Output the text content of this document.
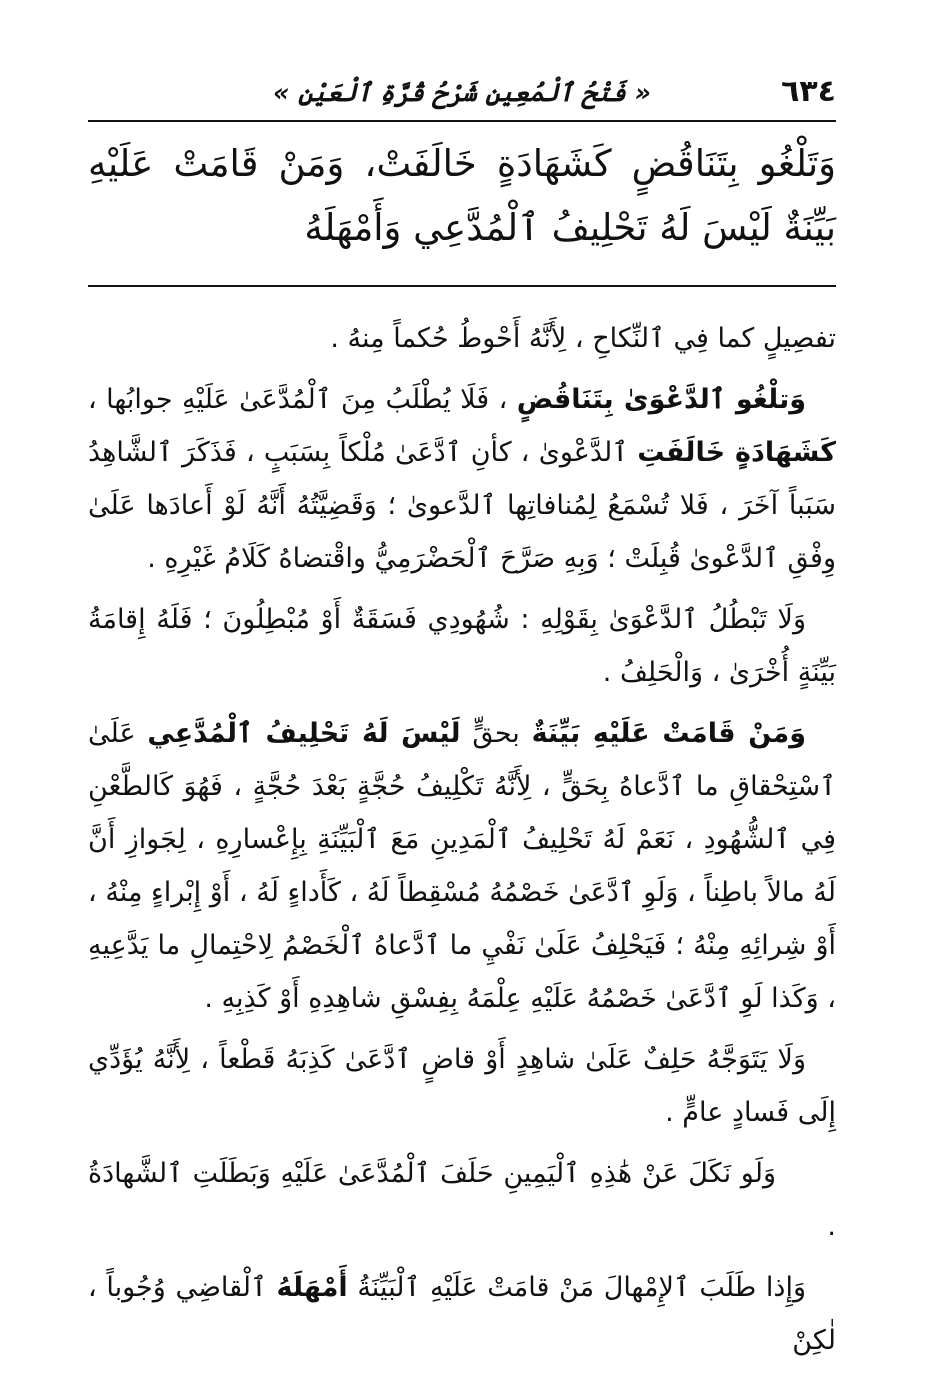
٦٣٤
« فَتْحُ ٱلْمُعِينِ شَرْحُ قُرَّةِ ٱلْعَيْنِ »
وَتَلْغُو بِتَنَاقُضٍ كَشَهَادَةٍ خَالَفَتْ، وَمَنْ قَامَتْ عَلَيْهِ بَيِّنَةٌ لَيْسَ لَهُ تَحْلِيفُ ٱلْمُدَّعِي وَأَمْهَلَهُ

تفصِيلٍ كما فِي ٱلنِّكاحِ ، لِأَنَّهُ أَحْوطُ حُكماً مِنهُ .

وَتلْغُو ٱلدَّعْوَىٰ بِتَنَاقُضٍ ، فَلَا يُطْلَبُ مِنَ ٱلْمُدَّعَىٰ عَلَيْهِ جوابُها ، كَشَهَادَةٍ خَالَفَتِ ٱلدَّعْوىٰ ، كأنِ ٱدَّعَىٰ مُلْكاً بِسَبَبٍ ، فَذَكَرَ ٱلشَّاهِدُ سَبَباً آخَرَ ، فَلا تُسْمَعُ لِمُنافاتِها ٱلدَّعوىٰ ؛ وَقَضِيَّتُهُ أَنَّهُ لَوْ أَعادَها عَلَىٰ وِفْقِ ٱلدَّعْوىٰ قُبِلَتْ ؛ وَبِهِ صَرَّحَ ٱلْحَضْرَمِيُّ واقْتضاهُ كَلَامُ غَيْرِهِ .

وَلَا تَبْطُلُ ٱلدَّعْوَىٰ بِقَوْلِهِ : شُهُودِي فَسَقَةٌ أَوْ مُبْطِلُونَ ؛ فَلَهُ إِقامَةُ بَيِّنَةٍ أُخْرَىٰ ، وَالْحَلِفُ .

وَمَنْ قَامَتْ عَلَيْهِ بَيِّنَةٌ بحقٍّ لَيْسَ لَهُ تَحْلِيفُ ٱلْمُدَّعِي عَلَىٰ ٱسْتِحْقاقِ ما ٱدَّعاهُ بِحَقٍّ ، لِأَنَّهُ تَكْلِيفُ حُجَّةٍ بَعْدَ حُجَّةٍ ، فَهُوَ كَالطَّعْنِ فِي ٱلشُّهُودِ ، نَعَمْ لَهُ تَحْلِيفُ ٱلْمَدِينِ مَعَ ٱلْبَيِّنَةِ بِإِعْسارِهِ ، لِجَوازِ أَنَّ لَهُ مالاً باطِناً ، وَلَوِ ٱدَّعَىٰ خَصْمُهُ مُسْقِطاً لَهُ ، كَأَداءٍ لَهُ ، أَوْ إِبْراءٍ مِنْهُ ، أَوْ شِرائِهِ مِنْهُ ؛ فَيَحْلِفُ عَلَىٰ نَفْيِ ما ٱدَّعاهُ ٱلْخَصْمُ لِاحْتِمالِ ما يَدَّعِيهِ ، وَكَذا لَوِ ٱدَّعَىٰ خَصْمُهُ عَلَيْهِ عِلْمَهُ بِفِسْقِ شاهِدِهِ أَوْ كَذِبِهِ .

وَلَا يَتَوَجَّهُ حَلِفٌ عَلَىٰ شاهِدٍ أَوْ قاضٍ ٱدَّعَىٰ كَذِبَهُ قَطْعاً ، لِأَنَّهُ يُؤَدِّي إِلَى فَسادٍ عامٍّ .

وَلَو نَكَلَ عَنْ هَٰذِهِ ٱلْيَمِينِ حَلَفَ ٱلْمُدَّعَىٰ عَلَيْهِ وَبَطَلَتِ ٱلشَّهادَةُ .

وَإِذا طَلَبَ ٱلإِمْهالَ مَنْ قامَتْ عَلَيْهِ ٱلْبَيِّنَةُ أَمْهَلَهُ ٱلْقاضِي وُجُوباً ، لٰكِنْ
